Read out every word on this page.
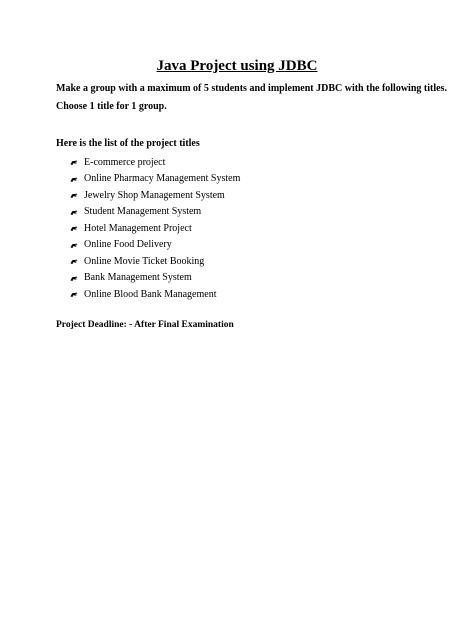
Java Project using JDBC
Make a group with a maximum of 5 students and implement JDBC with the following titles.
Choose 1 title for 1 group.
Here is the list of the project titles
E-commerce project
Online Pharmacy Management System
Jewelry Shop Management System
Student Management System
Hotel Management Project
Online Food Delivery
Online Movie Ticket Booking
Bank Management System
Online Blood Bank Management
Project Deadline: - After Final Examination
